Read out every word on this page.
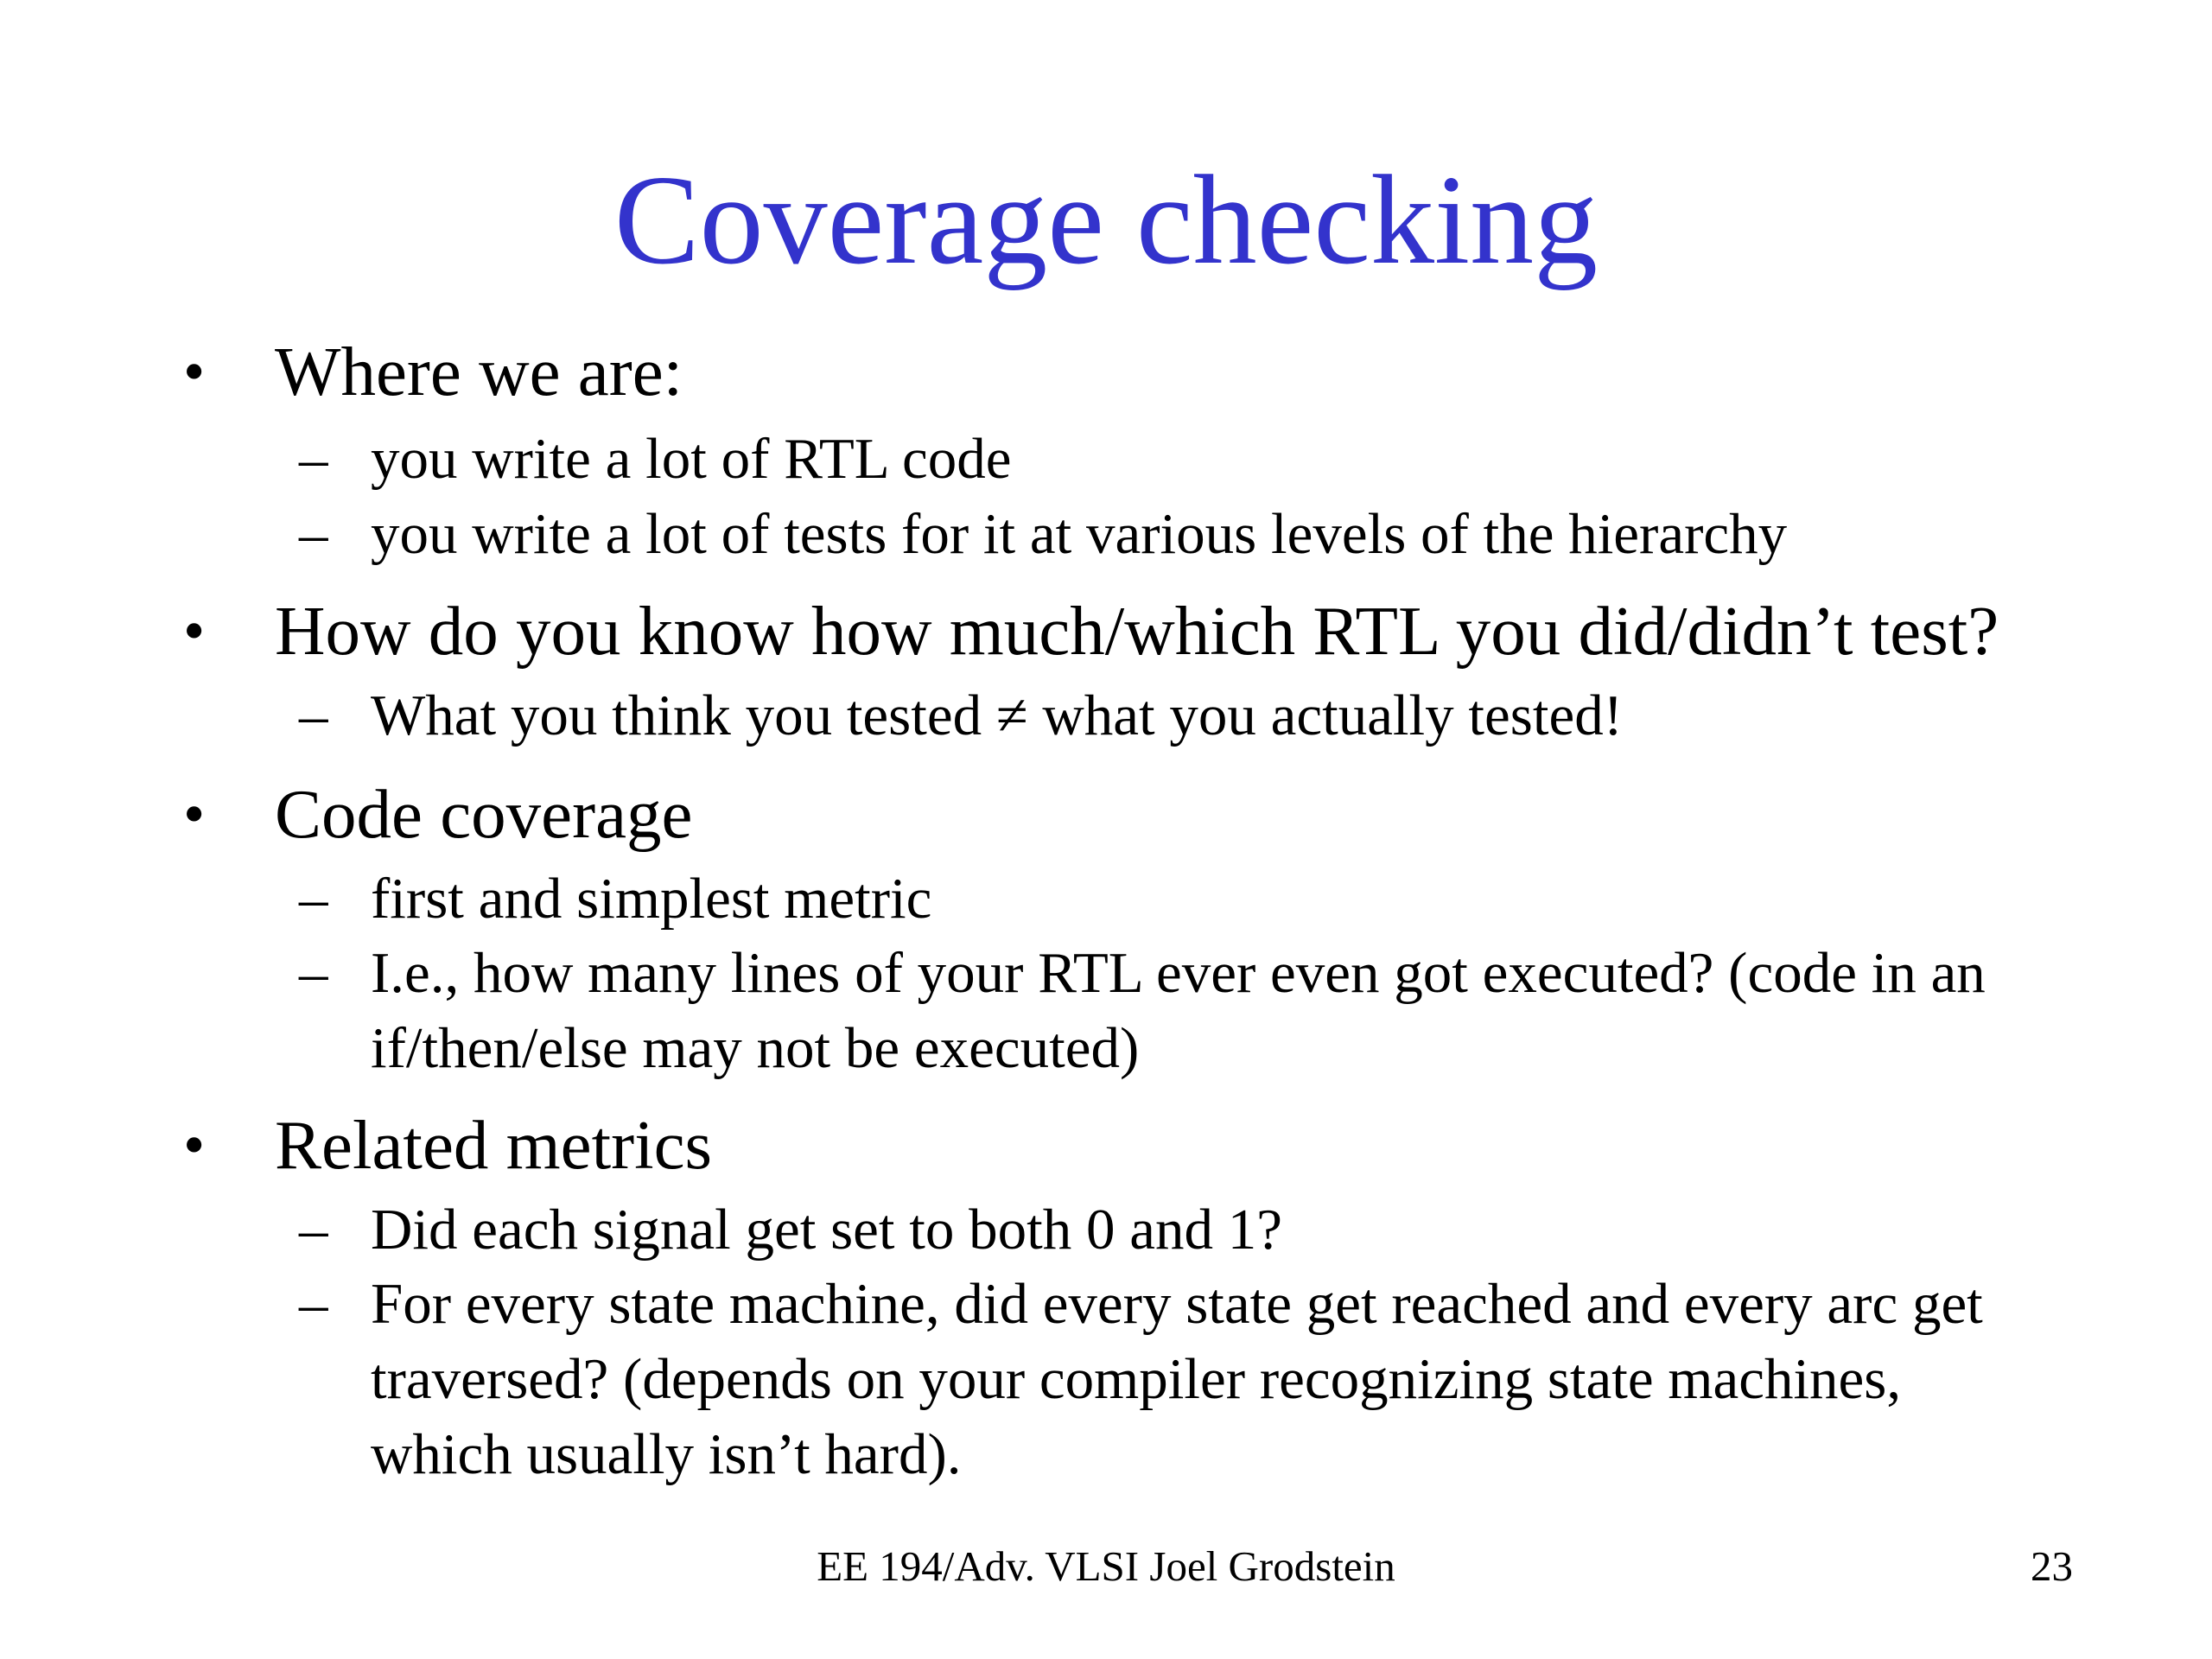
Coverage checking
• Where we are:
– you write a lot of RTL code
– you write a lot of tests for it at various levels of the hierarchy
• How do you know how much/which RTL you did/didn’t test?
– What you think you tested ≠ what you actually tested!
• Code coverage
– first and simplest metric
– I.e., how many lines of your RTL ever even got executed? (code in an
if/then/else may not be executed)
• Related metrics
– Did each signal get set to both 0 and 1?
– For every state machine, did every state get reached and every arc get
traversed? (depends on your compiler recognizing state machines,
which usually isn’t hard).
EE 194/Adv. VLSI Joel Grodstein	23
